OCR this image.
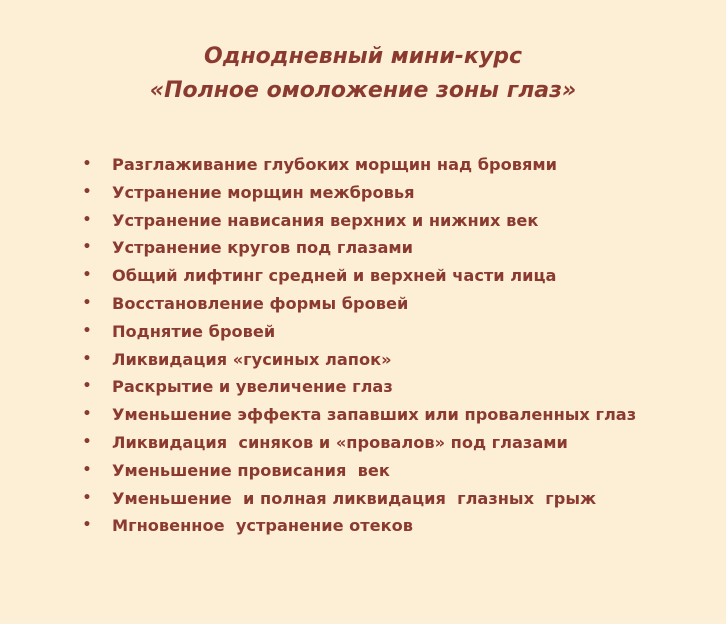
Однодневный мини-курс
«Полное омоложение зоны глаз»

•

Разглаживание глубоких морщин над бровями

•

Устранение морщин межбровья

•

Устранение нависания верхних и нижних век

•

Устранение кругов под глазами

•

Общий лифтинг средней и верхней части лица

•

Восстановление формы бровей

•

Поднятие бровей

•

Ликвидация «гусиных лапок»

•

Раскрытие и увеличение глаз

•

Уменьшение эффекта запавших или проваленных глаз

•

Ликвидация  синяков и «провалов» под глазами

•

Уменьшение провисания  век

•

Уменьшение  и полная ликвидация  глазных  грыж

•

Мгновенное  устранение отеков
